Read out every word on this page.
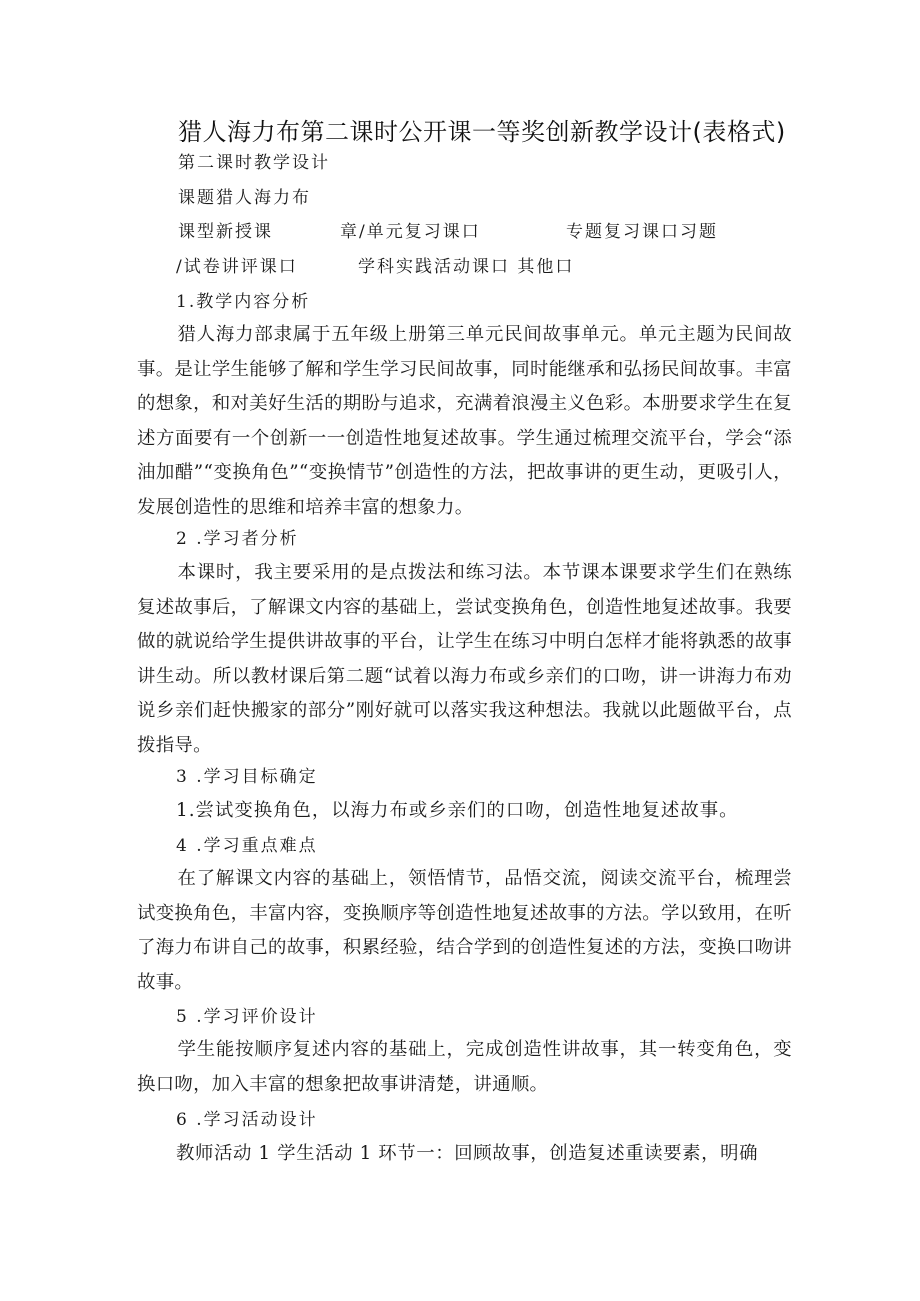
猎人海力布第二课时公开课一等奖创新教学设计(表格式)
第二课时教学设计
课题猎人海力布
课型新授课	章/单元复习课口	专题复习课口习题
/试卷讲评课口	学科实践活动课口 其他口
1.教学内容分析

猎人海力部隶属于五年级上册第三单元民间故事单元。单元主题为民间故事。是让学生能够了解和学生学习民间故事，同时能继承和弘扬民间故事。丰富的想象，和对美好生活的期盼与追求，充满着浪漫主义色彩。本册要求学生在复述方面要有一个创新一一创造性地复述故事。学生通过梳理交流平台，学会“添油加醋”“变换角色”“变换情节”创造性的方法，把故事讲的更生动，更吸引人，发展创造性的思维和培养丰富的想象力。

2 .学习者分析

本课时，我主要采用的是点拨法和练习法。本节课本课要求学生们在熟练复述故事后，了解课文内容的基础上，尝试变换角色，创造性地复述故事。我要做的就说给学生提供讲故事的平台，让学生在练习中明白怎样才能将孰悉的故事讲生动。所以教材课后第二题“试着以海力布或乡亲们的口吻，讲一讲海力布劝说乡亲们赶快搬家的部分”刚好就可以落实我这种想法。我就以此题做平台，点拨指导。

3 .学习目标确定
1.尝试变换角色，以海力布或乡亲们的口吻，创造性地复述故事。
4 .学习重点难点

在了解课文内容的基础上，领悟情节，品悟交流，阅读交流平台，梳理尝试变换角色，丰富内容，变换顺序等创造性地复述故事的方法。学以致用，在听了海力布讲自己的故事，积累经验，结合学到的创造性复述的方法，变换口吻讲故事。

5 .学习评价设计

学生能按顺序复述内容的基础上，完成创造性讲故事，其一转变角色，变换口吻，加入丰富的想象把故事讲清楚，讲通顺。

6 .学习活动设计
教师活动 1 学生活动 1 环节一：回顾故事，创造复述重读要素，明确
